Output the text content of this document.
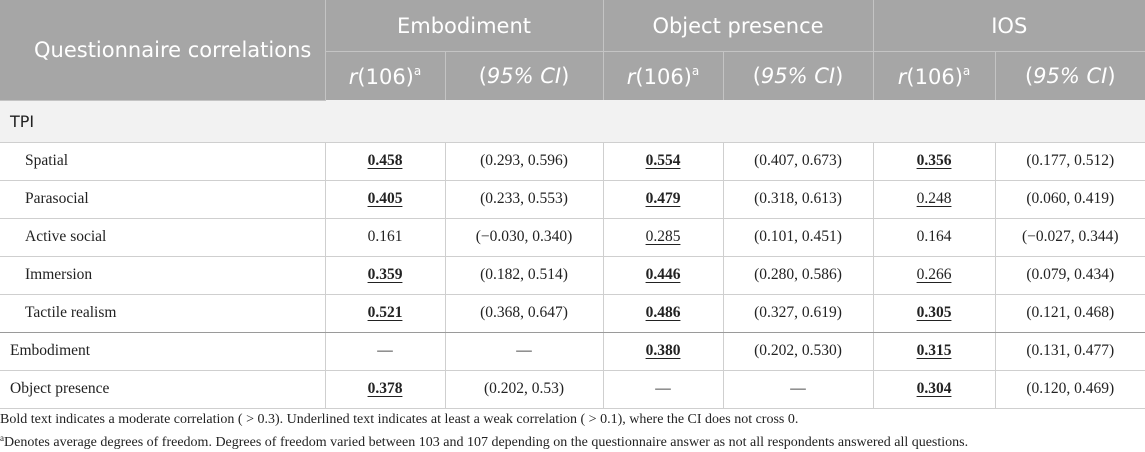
Questionnaire correlations	Embodiment		Object presence		IOS	
	$r(106)^a$	(95% CI)	$r(106)^a$	(95% CI)	$r(106)^a$	(95% CI)
TPI						
Spatial	0.458	(0.293, 0.596)	0.554	(0.407, 0.673)	0.356	(0.177, 0.512)
Parasocial	0.405	(0.233, 0.553)	0.479	(0.318, 0.613)	0.248	(0.060, 0.419)
Active social	0.161	(−0.030, 0.340)	0.285	(0.101, 0.451)	0.164	(−0.027, 0.344)
Immersion	0.359	(0.182, 0.514)	0.446	(0.280, 0.586)	0.266	(0.079, 0.434)
Tactile realism	0.521	(0.368, 0.647)	0.486	(0.327, 0.619)	0.305	(0.121, 0.468)
Embodiment	—	—	0.380	(0.202, 0.530)	0.315	(0.131, 0.477)
Object presence	0.378	(0.202, 0.53)	—	—	0.304	(0.120, 0.469)

Bold text indicates a moderate correlation ( > 0.3). Underlined text indicates at least a weak correlation ( > 0.1), where the CI does not cross 0.

$^a$Denotes average degrees of freedom. Degrees of freedom varied between 103 and 107 depending on the questionnaire answer as not all respondents answered all questions.
